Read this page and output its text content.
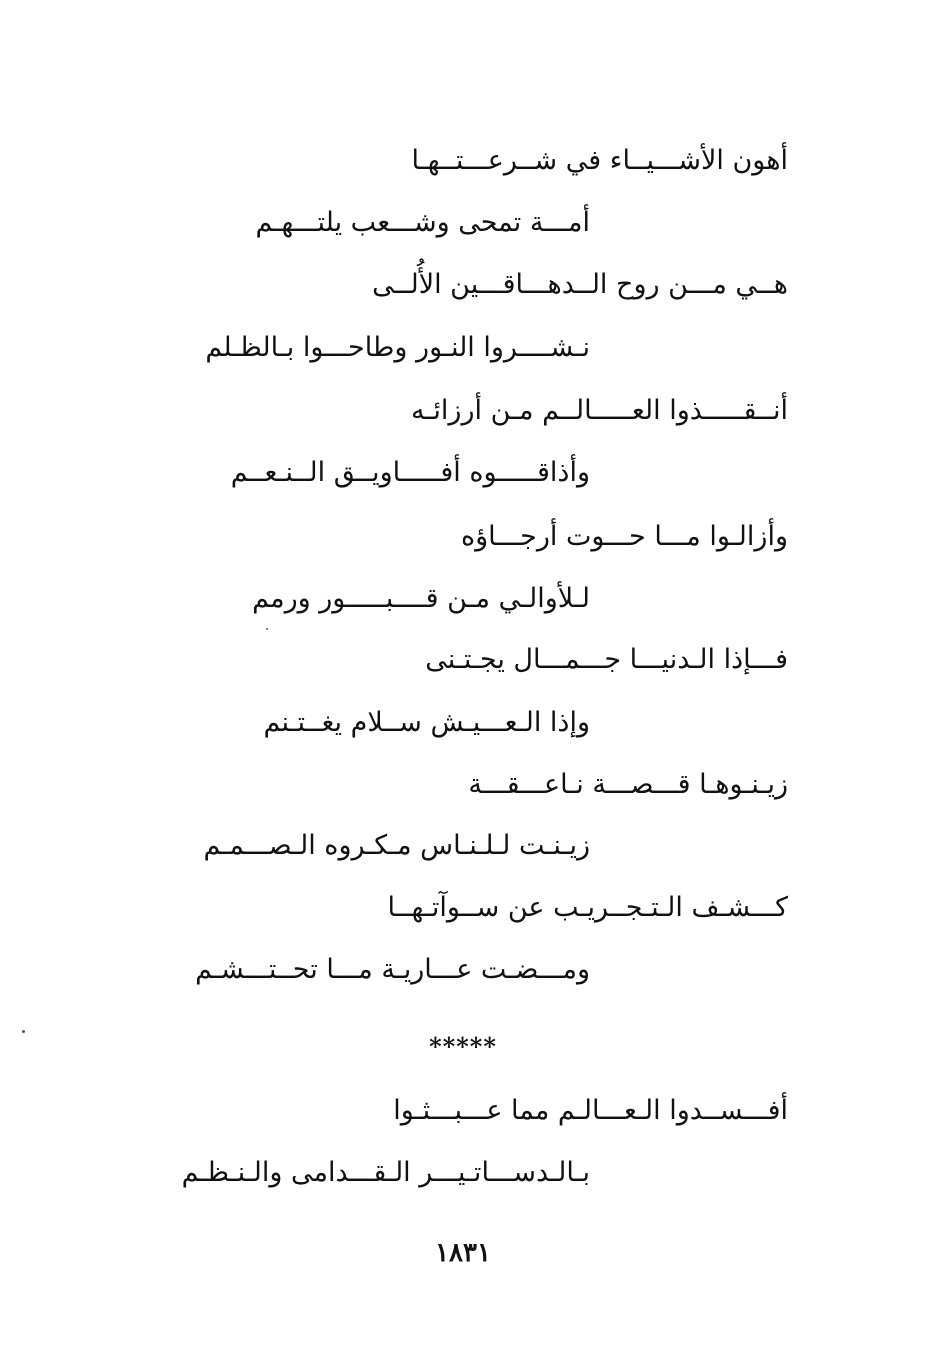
أهون الأشـــيــاء في شــرعـــتــهـا
أمـــة تمحى وشـــعب يلتـــهـم
هــي مـــن روح الــدهـــاقـــين الأُلــى
نـشــــروا النـور وطاحـــوا بـالظـلم
أنــقـــــذوا العـــــالــم مـن أرزائـه
وأذاقـــــوه أفـــــاويــق الــنـعــم
وأزالـوا مـــا حـــوت أرجـــاؤه
لـلأوالـي مـن قــــبـــــور ورمم
فـــإذا الـدنيـــا جـــمـــال يجـتـنى
وإذا الـعـــيـش ســلام يغــتـنم
زيـنـوهـا قـــصـــة نـاعـــقـــة
زيـنـت لـلـنـاس مـكـروه الـصـــمـم
كـــشـف الـتـجــريـب عن ســوآتـهــا
ومـــضـت عـــاريـة مـــا تحــتـــشـم
*****
أفـــســدوا الـعـــالـم مما عـــبـــثـوا
بـالـدســـاتـيـــر الـقـــدامى والـنـظـم
١٨٣١
